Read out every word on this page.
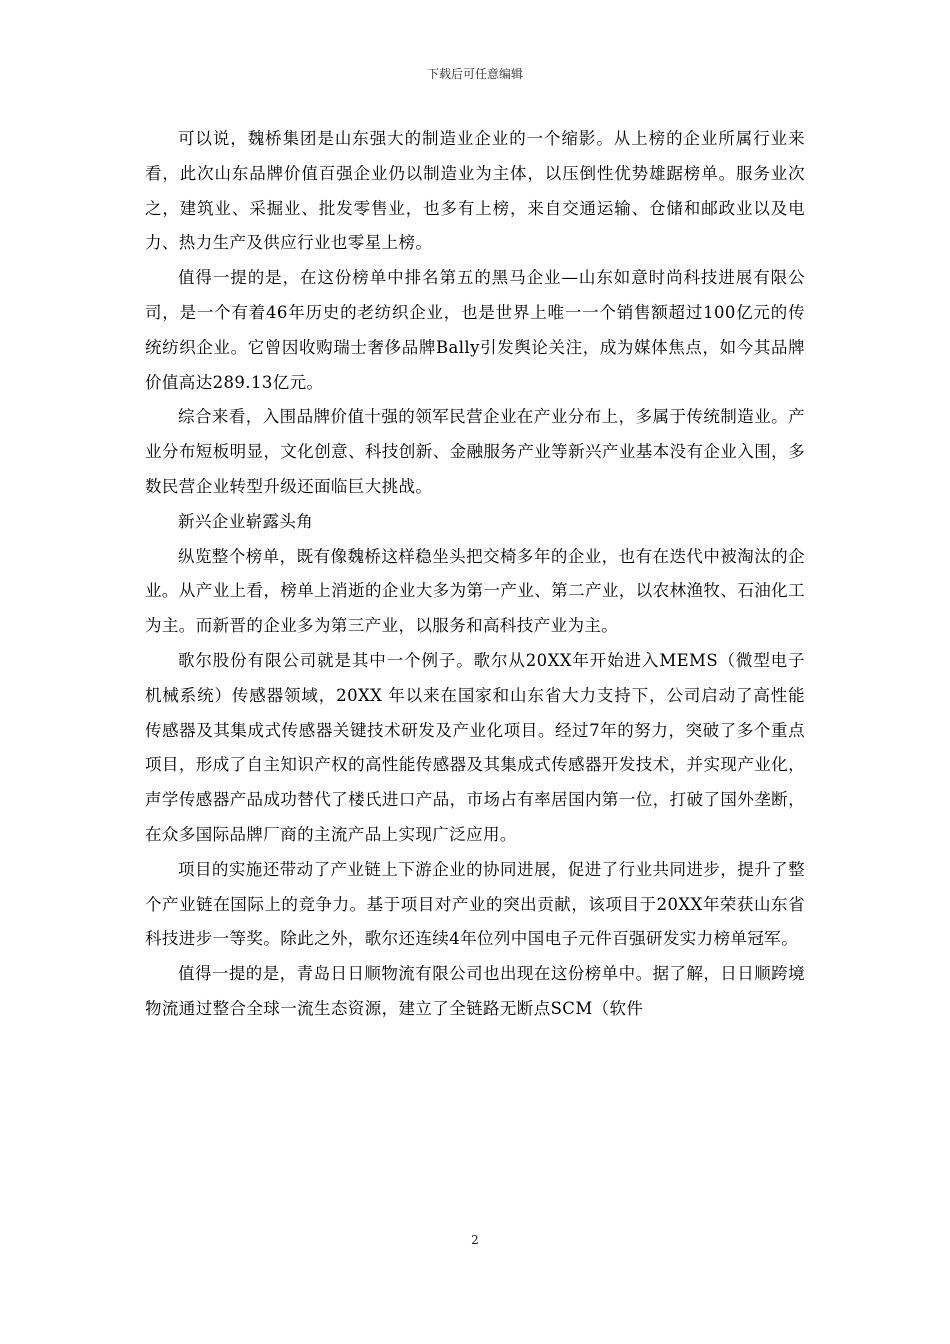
下载后可任意编辑

可以说，魏桥集团是山东强大的制造业企业的一个缩影。从上榜的企业所属行业来看，此次山东品牌价值百强企业仍以制造业为主体，以压倒性优势雄踞榜单。服务业次之，建筑业、采掘业、批发零售业，也多有上榜，来自交通运输、仓储和邮政业以及电力、热力生产及供应行业也零星上榜。

值得一提的是，在这份榜单中排名第五的黑马企业—山东如意时尚科技进展有限公司，是一个有着46年历史的老纺织企业，也是世界上唯一一个销售额超过100亿元的传统纺织企业。它曾因收购瑞士奢侈品牌Bally引发舆论关注，成为媒体焦点，如今其品牌价值高达289.13亿元。

综合来看，入围品牌价值十强的领军民营企业在产业分布上，多属于传统制造业。产业分布短板明显，文化创意、科技创新、金融服务产业等新兴产业基本没有企业入围，多数民营企业转型升级还面临巨大挑战。

新兴企业崭露头角

纵览整个榜单，既有像魏桥这样稳坐头把交椅多年的企业，也有在迭代中被淘汰的企业。从产业上看，榜单上消逝的企业大多为第一产业、第二产业，以农林渔牧、石油化工为主。而新晋的企业多为第三产业，以服务和高科技产业为主。

歌尔股份有限公司就是其中一个例子。歌尔从20XX年开始进入MEMS（微型电子机械系统）传感器领域，20XX 年以来在国家和山东省大力支持下，公司启动了高性能传感器及其集成式传感器关键技术研发及产业化项目。经过7年的努力，突破了多个重点项目，形成了自主知识产权的高性能传感器及其集成式传感器开发技术，并实现产业化，声学传感器产品成功替代了楼氏进口产品，市场占有率居国内第一位，打破了国外垄断，在众多国际品牌厂商的主流产品上实现广泛应用。

项目的实施还带动了产业链上下游企业的协同进展，促进了行业共同进步，提升了整个产业链在国际上的竞争力。基于项目对产业的突出贡献，该项目于20XX年荣获山东省科技进步一等奖。除此之外，歌尔还连续4年位列中国电子元件百强研发实力榜单冠军。

值得一提的是，青岛日日顺物流有限公司也出现在这份榜单中。据了解，日日顺跨境物流通过整合全球一流生态资源，建立了全链路无断点SCM（软件

2
